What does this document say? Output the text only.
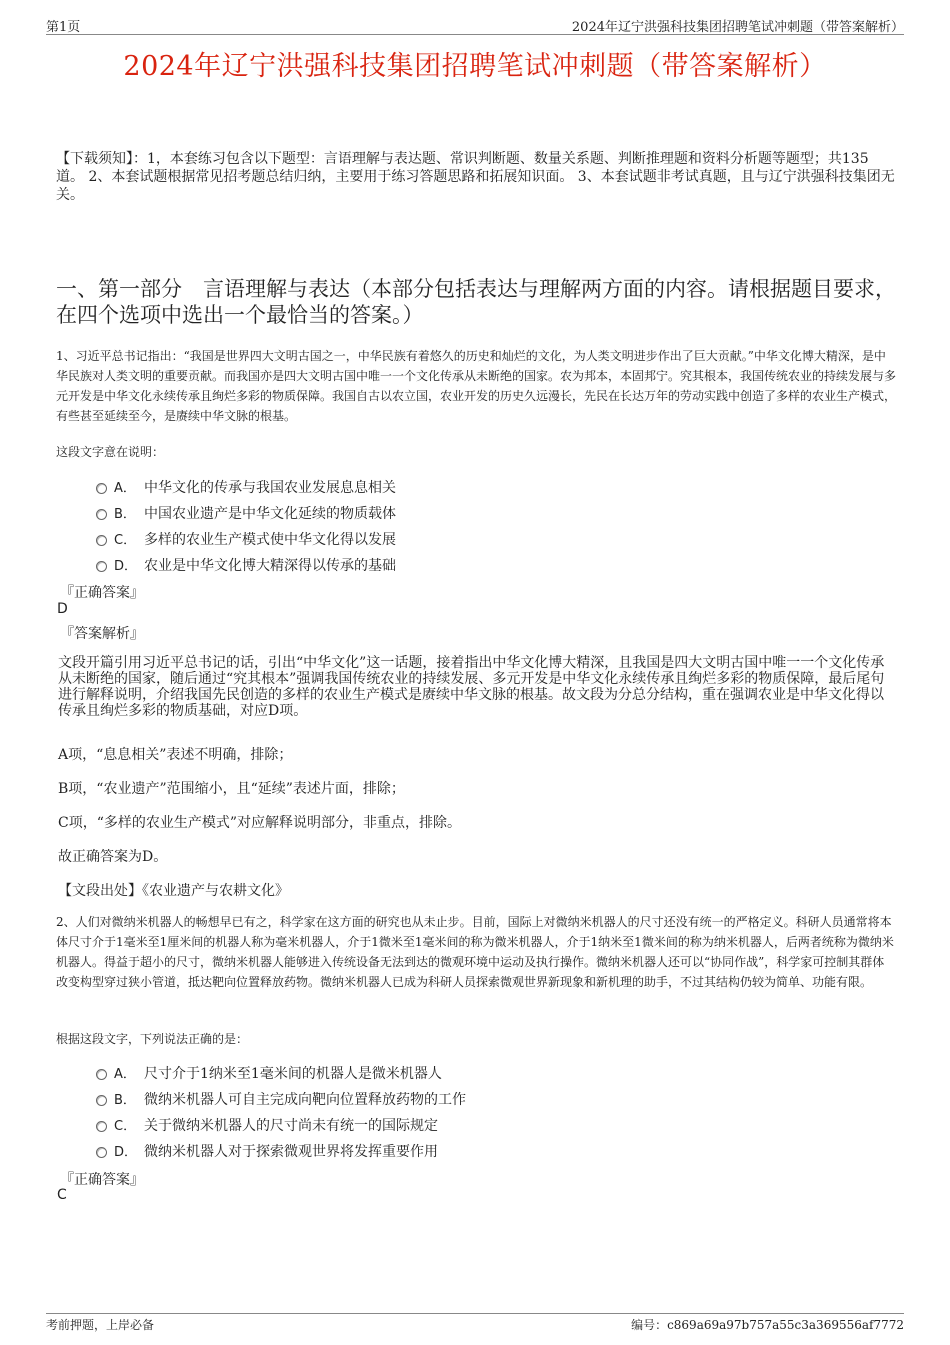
第1页	2024年辽宁洪强科技集团招聘笔试冲刺题（带答案解析）
2024年辽宁洪强科技集团招聘笔试冲刺题（带答案解析）
【下载须知】：1，本套练习包含以下题型：言语理解与表达题、常识判断题、数量关系题、判断推理题和资料分析题等题型；共135道。 2、本套试题根据常见招考题总结归纳，主要用于练习答题思路和拓展知识面。 3、本套试题非考试真题，且与辽宁洪强科技集团无关。
一、第一部分　言语理解与表达（本部分包括表达与理解两方面的内容。请根据题目要求，在四个选项中选出一个最恰当的答案。）
1、习近平总书记指出：“我国是世界四大文明古国之一，中华民族有着悠久的历史和灿烂的文化，为人类文明进步作出了巨大贡献。”中华文化博大精深，是中华民族对人类文明的重要贡献。而我国亦是四大文明古国中唯一一个文化传承从未断绝的国家。农为邦本，本固邦宁。究其根本，我国传统农业的持续发展与多元开发是中华文化永续传承且绚烂多彩的物质保障。我国自古以农立国，农业开发的历史久远漫长，先民在长达万年的劳动实践中创造了多样的农业生产模式，有些甚至延续至今，是赓续中华文脉的根基。
这段文字意在说明：
A． 中华文化的传承与我国农业发展息息相关
B． 中国农业遗产是中华文化延续的物质载体
C． 多样的农业生产模式使中华文化得以发展
D． 农业是中华文化博大精深得以传承的基础
『正确答案』
D
『答案解析』
文段开篇引用习近平总书记的话，引出“中华文化”这一话题，接着指出中华文化博大精深，且我国是四大文明古国中唯一一个文化传承从未断绝的国家，随后通过“究其根本”强调我国传统农业的持续发展、多元开发是中华文化永续传承且绚烂多彩的物质保障，最后尾句进行解释说明，介绍我国先民创造的多样的农业生产模式是赓续中华文脉的根基。故文段为分总分结构，重在强调农业是中华文化得以传承且绚烂多彩的物质基础，对应D项。
A项，“息息相关”表述不明确，排除；
B项，“农业遗产”范围缩小，且“延续”表述片面，排除；
C项，“多样的农业生产模式”对应解释说明部分，非重点，排除。
故正确答案为D。
【文段出处】《农业遗产与农耕文化》
2、人们对微纳米机器人的畅想早已有之，科学家在这方面的研究也从未止步。目前，国际上对微纳米机器人的尺寸还没有统一的严格定义。科研人员通常将本体尺寸介于1毫米至1厘米间的机器人称为毫米机器人，介于1微米至1毫米间的称为微米机器人，介于1纳米至1微米间的称为纳米机器人，后两者统称为微纳米机器人。得益于超小的尺寸，微纳米机器人能够进入传统设备无法到达的微观环境中运动及执行操作。微纳米机器人还可以“协同作战”，科学家可控制其群体改变构型穿过狭小管道，抵达靶向位置释放药物。微纳米机器人已成为科研人员探索微观世界新现象和新机理的助手，不过其结构仍较为简单、功能有限。
根据这段文字，下列说法正确的是：
A． 尺寸介于1纳米至1毫米间的机器人是微米机器人
B． 微纳米机器人可自主完成向靶向位置释放药物的工作
C． 关于微纳米机器人的尺寸尚未有统一的国际规定
D． 微纳米机器人对于探索微观世界将发挥重要作用
『正确答案』
C
考前押题，上岸必备	编号：c869a69a97b757a55c3a369556af7772
